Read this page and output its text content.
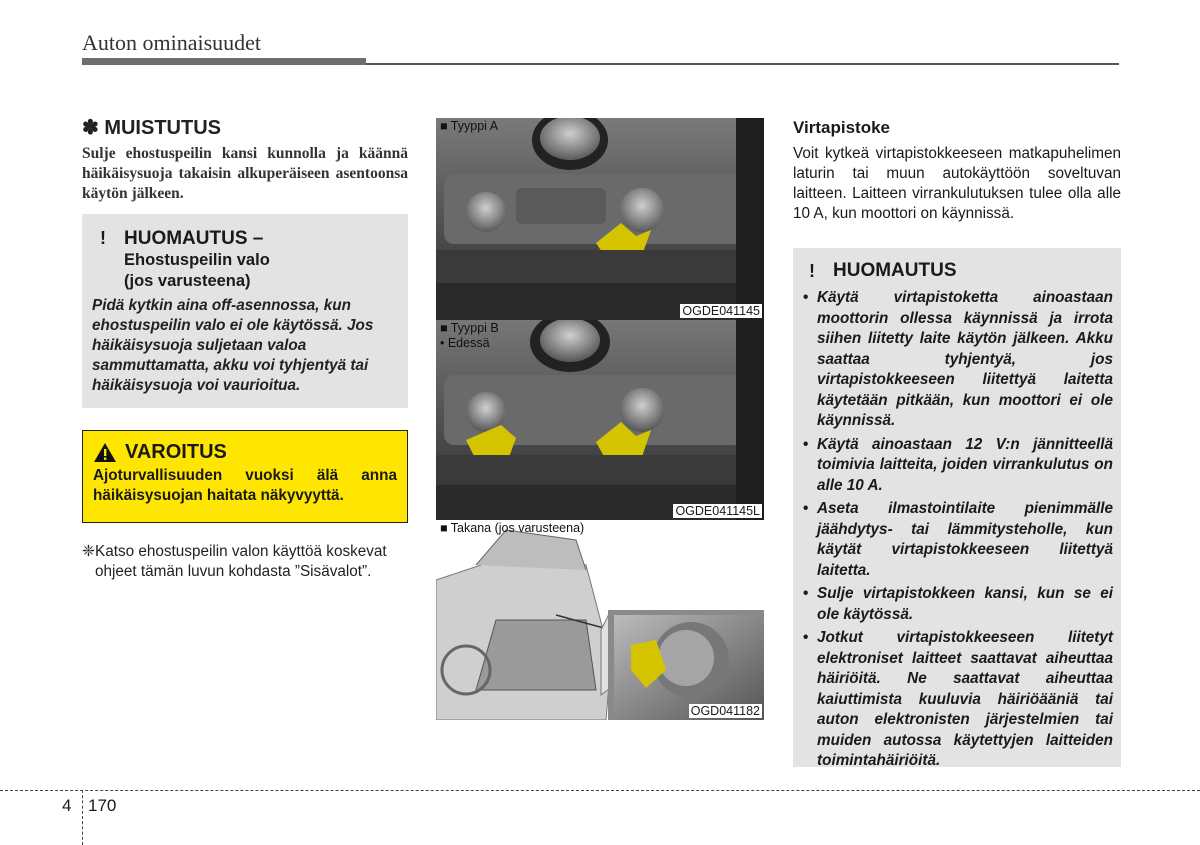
Auton ominaisuudet
✽ MUISTUTUS

Sulje ehostuspeilin kansi kunnolla ja käännä häikäisysuoja takaisin alkuperäiseen asentoonsa käytön jälkeen.

! HUOMAUTUS –
Ehostuspeilin valo
(jos varusteena)
Pidä kytkin aina off-asennossa, kun ehostuspeilin valo ei ole käytössä. Jos häikäisysuoja suljetaan valoa sammuttamatta, akku voi tyhjentyä tai häikäisysuoja voi vaurioitua.
VAROITUS
Ajoturvallisuuden vuoksi älä anna häikäisysuojan haitata näkyvyyttä.
❈ Katso ehostuspeilin valon käyttöä koskevat ohjeet tämän luvun kohdasta ”Sisävalot”.
■ Tyyppi A
OGDE041145
■ Tyyppi B
• Edessä
OGDE041145L
■ Takana (jos varusteena)
OGD041182
Virtapistoke

Voit kytkeä virtapistokkeeseen matkapuhelimen laturin tai muun autokäyttöön soveltuvan laitteen. Laitteen virrankulutuksen tulee olla alle 10 A, kun moottori on käynnissä.

! HUOMAUTUS
• Käytä virtapistoketta ainoastaan moottorin ollessa käynnissä ja irrota siihen liitetty laite käytön jälkeen. Akku saattaa tyhjentyä, jos virtapistokkeeseen liitettyä laitetta käytetään pitkään, kun moottori ei ole käynnissä.
• Käytä ainoastaan 12 V:n jännitteellä toimivia laitteita, joiden virrankulutus on alle 10 A.
• Aseta ilmastointilaite pienimmälle jäähdytys- tai lämmitysteholle, kun käytät virtapistokkeeseen liitettyä laitetta.
• Sulje virtapistokkeen kansi, kun se ei ole käytössä.
• Jotkut virtapistokkeeseen liitetyt elektroniset laitteet saattavat aiheuttaa häiriöitä. Ne saattavat aiheuttaa kaiuttimista kuuluvia häiriöääniä tai auton elektronisten järjestelmien tai muiden autossa käytettyjen laitteiden toimintahäiriöitä.
4 170
